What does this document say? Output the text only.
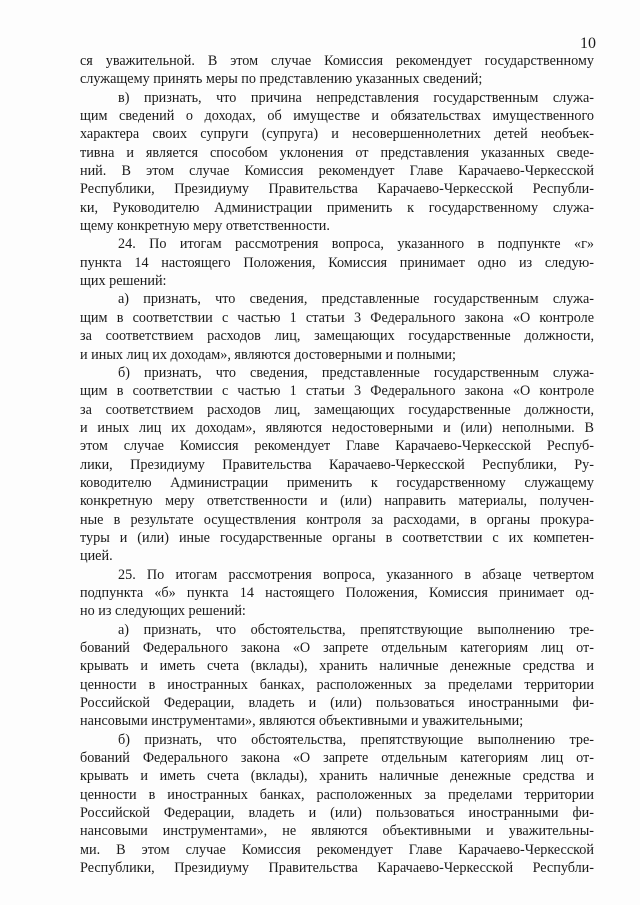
10
ся уважительной. В этом случае Комиссия рекомендует государственному
служащему принять меры по представлению указанных сведений;
в) признать, что причина непредставления государственным служа-
щим сведений о доходах, об имуществе и обязательствах имущественного
характера своих супруги (супруга) и несовершеннолетних детей необъек-
тивна и является способом уклонения от представления указанных сведе-
ний. В этом случае Комиссия рекомендует Главе Карачаево-Черкесской
Республики, Президиуму Правительства Карачаево-Черкесской Республи-
ки, Руководителю Администрации применить к государственному служа-
щему конкретную меру ответственности.
24. По итогам рассмотрения вопроса, указанного в подпункте «г»
пункта 14 настоящего Положения, Комиссия принимает одно из следую-
щих решений:
а) признать, что сведения, представленные государственным служа-
щим в соответствии с частью 1 статьи 3 Федерального закона «О контроле
за соответствием расходов лиц, замещающих государственные должности,
и иных лиц их доходам», являются достоверными и полными;
б) признать, что сведения, представленные государственным служа-
щим в соответствии с частью 1 статьи 3 Федерального закона «О контроле
за соответствием расходов лиц, замещающих государственные должности,
и иных лиц их доходам», являются недостоверными и (или) неполными. В
этом случае Комиссия рекомендует Главе Карачаево-Черкесской Респуб-
лики, Президиуму Правительства Карачаево-Черкесской Республики, Ру-
ководителю Администрации применить к государственному служащему
конкретную меру ответственности и (или) направить материалы, получен-
ные в результате осуществления контроля за расходами, в органы прокура-
туры и (или) иные государственные органы в соответствии с их компетен-
цией.
25. По итогам рассмотрения вопроса, указанного в абзаце четвертом
подпункта «б» пункта 14 настоящего Положения, Комиссия принимает од-
но из следующих решений:
а) признать, что обстоятельства, препятствующие выполнению тре-
бований Федерального закона «О запрете отдельным категориям лиц от-
крывать и иметь счета (вклады), хранить наличные денежные средства и
ценности в иностранных банках, расположенных за пределами территории
Российской Федерации, владеть и (или) пользоваться иностранными фи-
нансовыми инструментами», являются объективными и уважительными;
б) признать, что обстоятельства, препятствующие выполнению тре-
бований Федерального закона «О запрете отдельным категориям лиц от-
крывать и иметь счета (вклады), хранить наличные денежные средства и
ценности в иностранных банках, расположенных за пределами территории
Российской Федерации, владеть и (или) пользоваться иностранными фи-
нансовыми инструментами», не являются объективными и уважительны-
ми. В этом случае Комиссия рекомендует Главе Карачаево-Черкесской
Республики, Президиуму Правительства Карачаево-Черкесской Республи-
